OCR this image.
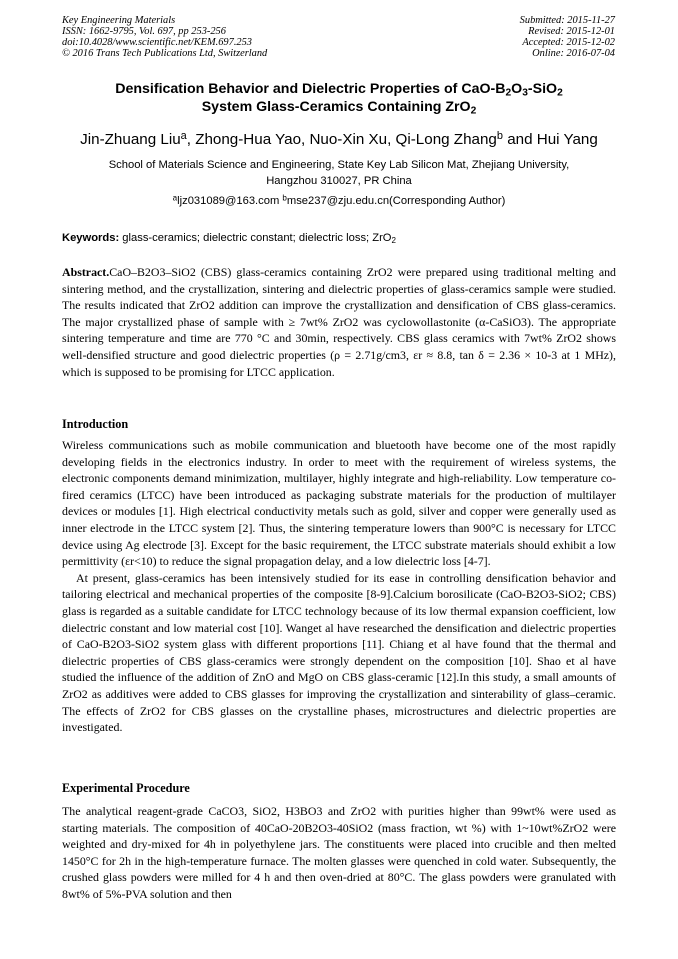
Key Engineering Materials
ISSN: 1662-9795, Vol. 697, pp 253-256
doi:10.4028/www.scientific.net/KEM.697.253
© 2016 Trans Tech Publications Ltd, Switzerland
Submitted: 2015-11-27
Revised: 2015-12-01
Accepted: 2015-12-02
Online: 2016-07-04
Densification Behavior and Dielectric Properties of CaO-$B_2O_3-SiO_2$
System Glass-Ceramics Containing ZrO$_2$
Jin-Zhuang Liu$^a$, Zhong-Hua Yao, Nuo-Xin Xu, Qi-Long Zhang$^b$ and Hui Yang
School of Materials Science and Engineering, State Key Lab Silicon Mat, Zhejiang University,
Hangzhou 310027, PR China
$^a$ljz031089@163.com $^b$mse237@zju.edu.cn(Corresponding Author)
Keywords: glass-ceramics; dielectric constant; dielectric loss; ZrO$_2$

Abstract.CaO–B2O3–SiO2 (CBS) glass-ceramics containing ZrO2 were prepared using traditional melting and sintering method, and the crystallization, sintering and dielectric properties of glass-ceramics sample were studied. The results indicated that ZrO2 addition can improve the crystallization and densification of CBS glass-ceramics. The major crystallized phase of sample with ≥ 7wt% ZrO2 was cyclowollastonite (α-CaSiO3). The appropriate sintering temperature and time are 770 °C and 30min, respectively. CBS glass ceramics with 7wt% ZrO2 shows well-densified structure and good dielectric properties (ρ = 2.71g/cm3, εr ≈ 8.8, tan δ = 2.36 × 10-3 at 1 MHz), which is supposed to be promising for LTCC application.

Introduction

Wireless communications such as mobile communication and bluetooth have become one of the most rapidly developing fields in the electronics industry. In order to meet with the requirement of wireless systems, the electronic components demand minimization, multilayer, highly integrate and high-reliability. Low temperature co-fired ceramics (LTCC) have been introduced as packaging substrate materials for the production of multilayer devices or modules [1]. High electrical conductivity metals such as gold, silver and copper were generally used as inner electrode in the LTCC system [2]. Thus, the sintering temperature lowers than 900°C is necessary for LTCC device using Ag electrode [3]. Except for the basic requirement, the LTCC substrate materials should exhibit a low permittivity (εr<10) to reduce the signal propagation delay, and a low dielectric loss [4-7].

At present, glass-ceramics has been intensively studied for its ease in controlling densification behavior and tailoring electrical and mechanical properties of the composite [8-9].Calcium borosilicate (CaO-B2O3-SiO2; CBS) glass is regarded as a suitable candidate for LTCC technology because of its low thermal expansion coefficient, low dielectric constant and low material cost [10]. Wanget al have researched the densification and dielectric properties of CaO-B2O3-SiO2 system glass with different proportions [11]. Chiang et al have found that the thermal and dielectric properties of CBS glass-ceramics were strongly dependent on the composition [10]. Shao et al have studied the influence of the addition of ZnO and MgO on CBS glass-ceramic [12].In this study, a small amounts of ZrO2 as additives were added to CBS glasses for improving the crystallization and sinterability of glass–ceramic. The effects of ZrO2 for CBS glasses on the crystalline phases, microstructures and dielectric properties are investigated.

Experimental Procedure

The analytical reagent-grade CaCO3, SiO2, H3BO3 and ZrO2 with purities higher than 99wt% were used as starting materials. The composition of 40CaO-20B2O3-40SiO2 (mass fraction, wt %) with 1~10wt%ZrO2 were weighted and dry-mixed for 4h in polyethylene jars. The constituents were placed into crucible and then melted 1450°C for 2h in the high-temperature furnace. The molten glasses were quenched in cold water. Subsequently, the crushed glass powders were milled for 4 h and then oven-dried at 80°C. The glass powders were granulated with 8wt% of 5%-PVA solution and then
